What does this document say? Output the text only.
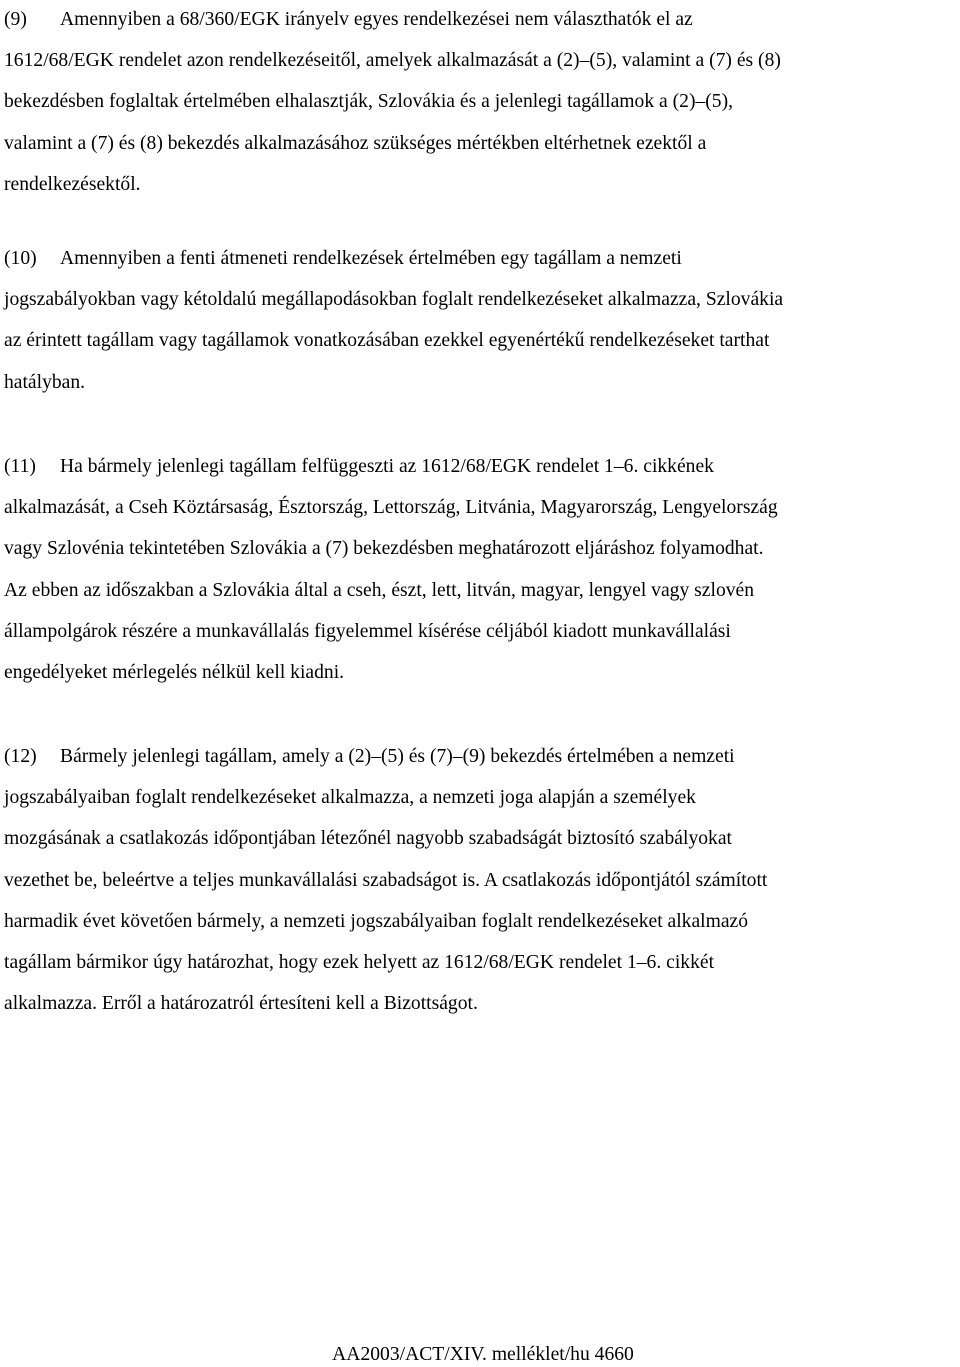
(9) Amennyiben a 68/360/EGK irányelv egyes rendelkezései nem választhatók el az
1612/68/EGK rendelet azon rendelkezéseitől, amelyek alkalmazását a (2)–(5), valamint a (7) és (8)
bekezdésben foglaltak értelmében elhalasztják, Szlovákia és a jelenlegi tagállamok a (2)–(5),
valamint a (7) és (8) bekezdés alkalmazásához szükséges mértékben eltérhetnek ezektől a
rendelkezésektől.

(10) Amennyiben a fenti átmeneti rendelkezések értelmében egy tagállam a nemzeti
jogszabályokban vagy kétoldalú megállapodásokban foglalt rendelkezéseket alkalmazza, Szlovákia
az érintett tagállam vagy tagállamok vonatkozásában ezekkel egyenértékű rendelkezéseket tarthat
hatályban.

(11) Ha bármely jelenlegi tagállam felfüggeszti az 1612/68/EGK rendelet 1–6. cikkének
alkalmazását, a Cseh Köztársaság, Észtország, Lettország, Litvánia, Magyarország, Lengyelország
vagy Szlovénia tekintetében Szlovákia a (7) bekezdésben meghatározott eljáráshoz folyamodhat.
Az ebben az időszakban a Szlovákia által a cseh, észt, lett, litván, magyar, lengyel vagy szlovén
állampolgárok részére a munkavállalás figyelemmel kísérése céljából kiadott munkavállalási
engedélyeket mérlegelés nélkül kell kiadni.

(12) Bármely jelenlegi tagállam, amely a (2)–(5) és (7)–(9) bekezdés értelmében a nemzeti
jogszabályaiban foglalt rendelkezéseket alkalmazza, a nemzeti joga alapján a személyek
mozgásának a csatlakozás időpontjában létezőnél nagyobb szabadságát biztosító szabályokat
vezethet be, beleértve a teljes munkavállalási szabadságot is. A csatlakozás időpontjától számított
harmadik évet követően bármely, a nemzeti jogszabályaiban foglalt rendelkezéseket alkalmazó
tagállam bármikor úgy határozhat, hogy ezek helyett az 1612/68/EGK rendelet 1–6. cikkét
alkalmazza. Erről a határozatról értesíteni kell a Bizottságot.

AA2003/ACT/XIV. melléklet/hu 4660
